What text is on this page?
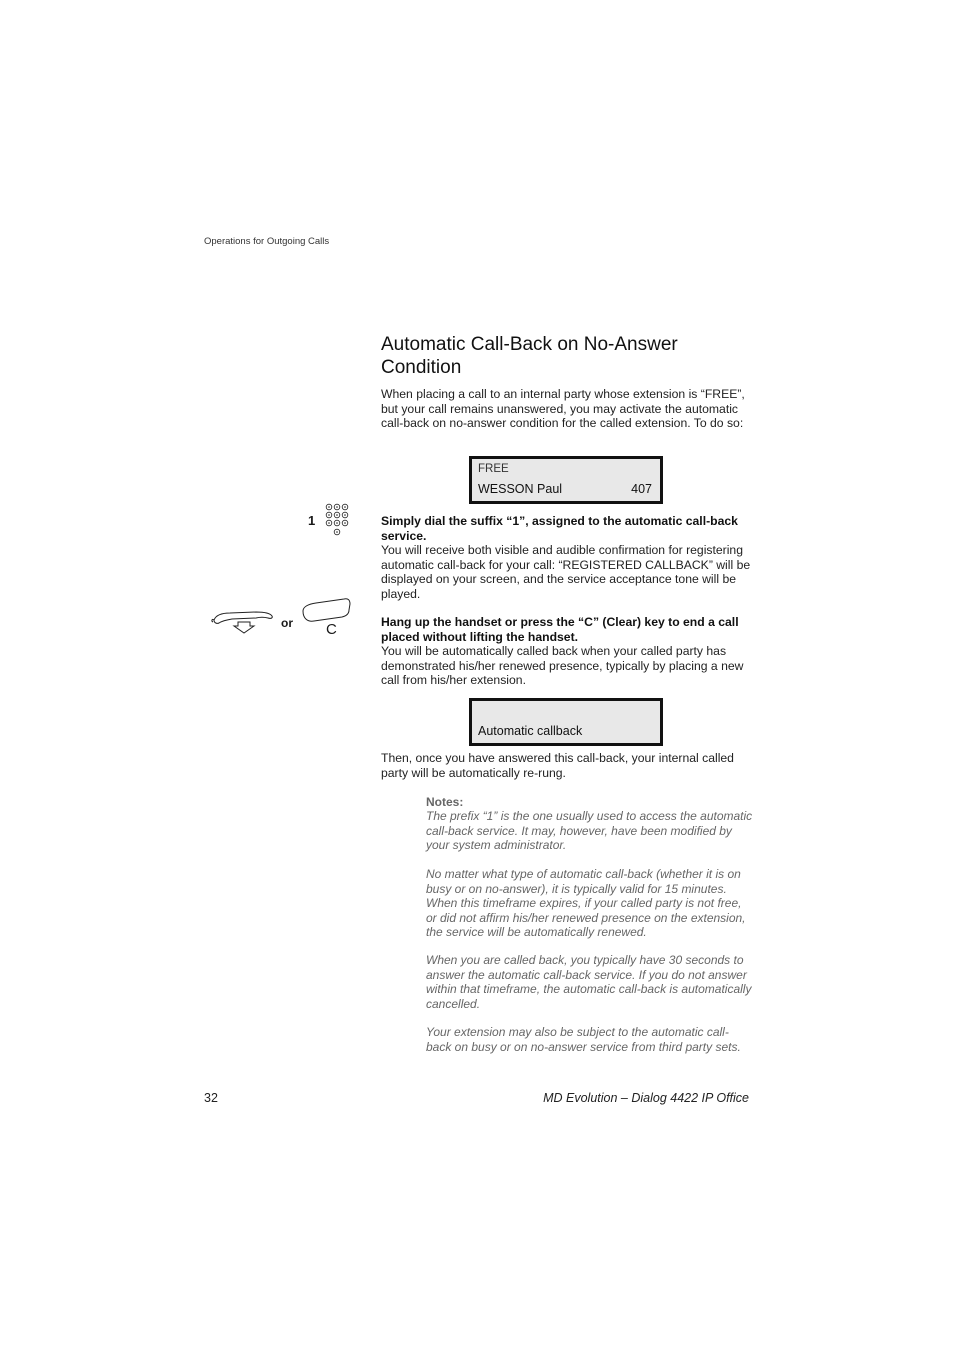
Operations for Outgoing Calls
Automatic Call-Back on No-Answer Condition

When placing a call to an internal party whose extension is “FREE”, but your call remains unanswered, you may activate the automatic call-back on no-answer condition for the called extension. To do so:

FREE
WESSON Paul	407
1	Simply dial the suffix “1”, assigned to the automatic call-back service.
You will receive both visible and audible confirmation for registering automatic call-back for your call: “REGISTERED CALLBACK” will be displayed on your screen, and the service acceptance tone will be played.
or C	Hang up the handset or press the “C” (Clear) key to end a call placed without lifting the handset.
You will be automatically called back when your called party has demonstrated his/her renewed presence, typically by placing a new call from his/her extension.
Automatic callback

Then, once you have answered this call-back, your internal called party will be automatically re-rung.

Notes:

The prefix “1” is the one usually used to access the automatic call-back service. It may, however, have been modified by your system administrator.

No matter what type of automatic call-back (whether it is on busy or on no-answer), it is typically valid for 15 minutes. When this timeframe expires, if your called party is not free, or did not affirm his/her renewed presence on the extension, the service will be automatically renewed.

When you are called back, you typically have 30 seconds to answer the automatic call-back service. If you do not answer within that timeframe, the automatic call-back is automatically cancelled.

Your extension may also be subject to the automatic call-back on busy or on no-answer service from third party sets.

32	MD Evolution – Dialog 4422 IP Office
